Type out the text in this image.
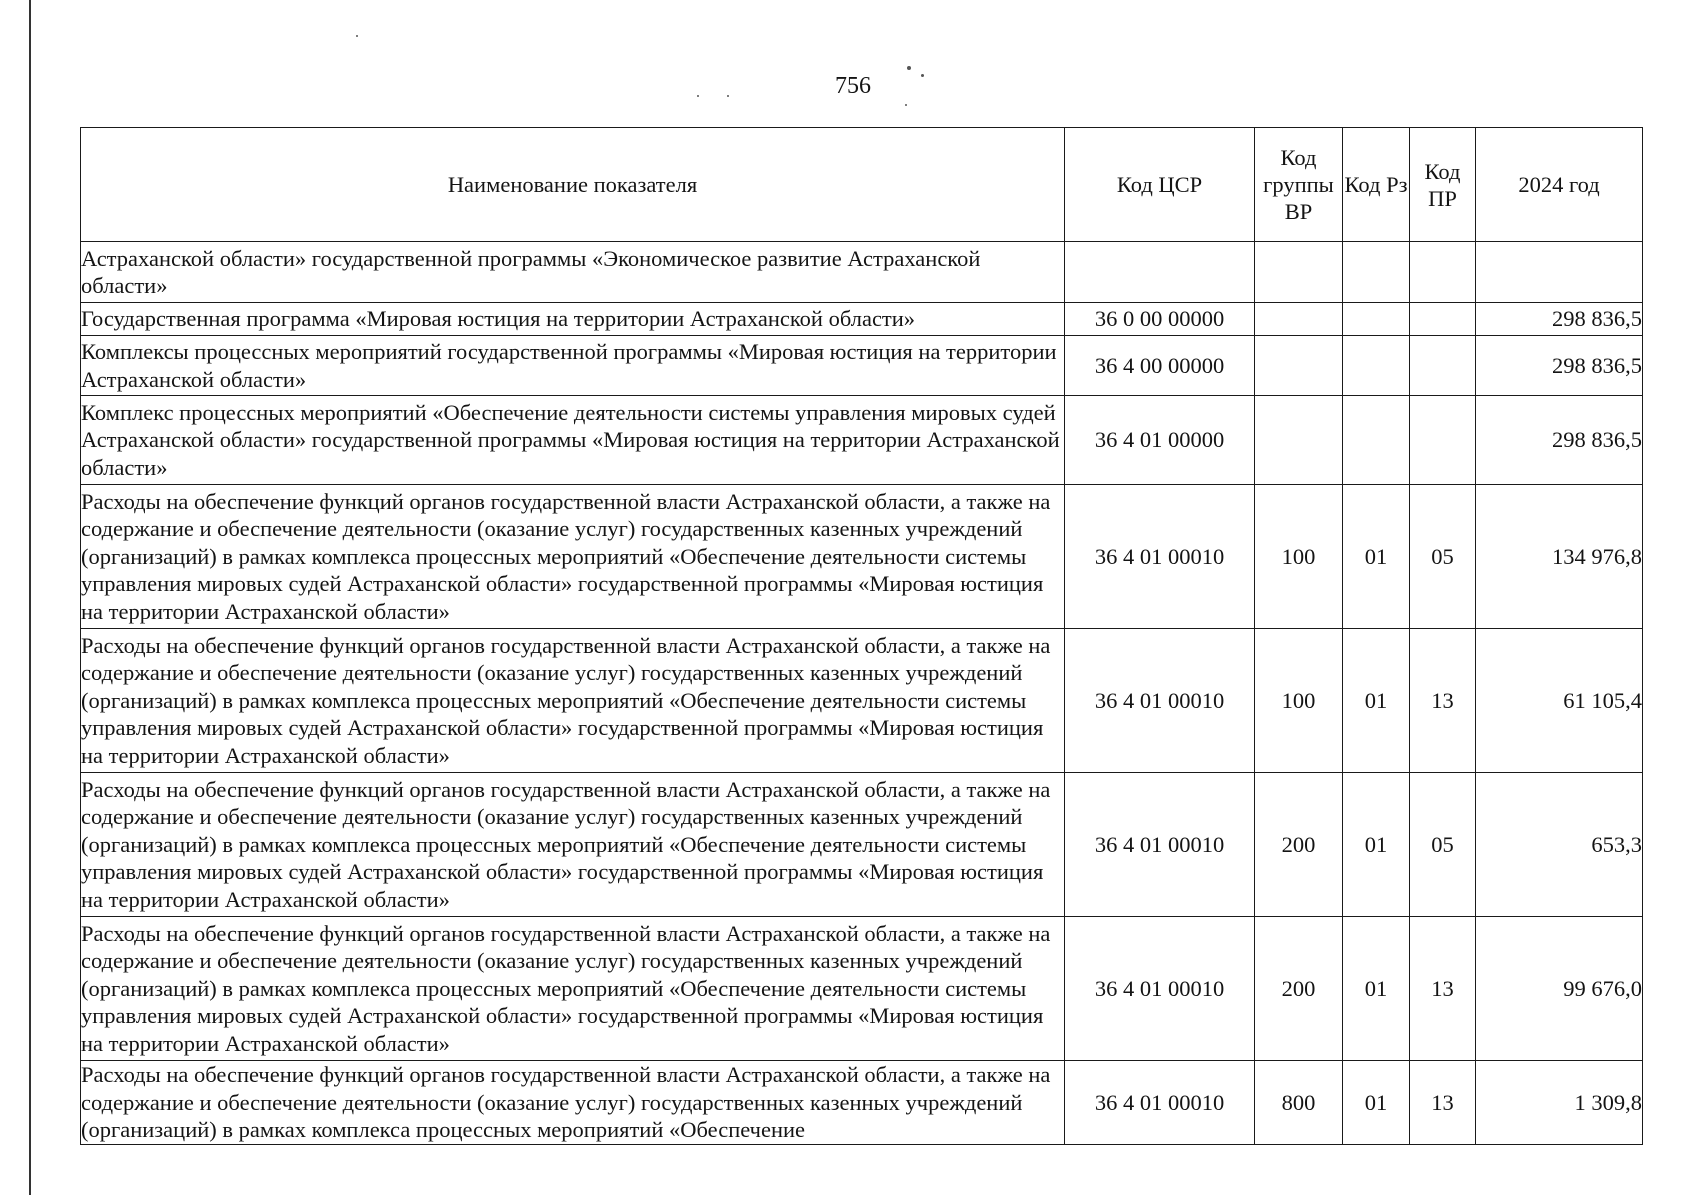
756
Наименование показателя	Код ЦСР	Код группы ВР	Код Рз	Код ПР	2024 год
Астраханской области» государственной программы «Экономическое развитие Астраханской области»					
Государственная программа «Мировая юстиция на территории Астраханской области»	36 0 00 00000				298 836,5
Комплексы процессных мероприятий государственной программы «Мировая юстиция на территории Астраханской области»	36 4 00 00000				298 836,5
Комплекс процессных мероприятий «Обеспечение деятельности системы управления мировых судей Астраханской области» государственной программы «Мировая юстиция на территории Астраханской области»	36 4 01 00000				298 836,5
Расходы на обеспечение функций органов государственной власти Астраханской области, а также на содержание и обеспечение деятельности (оказание услуг) государственных казенных учреждений (организаций) в рамках комплекса процессных мероприятий «Обеспечение деятельности системы управления мировых судей Астраханской области» государственной программы «Мировая юстиция на территории Астраханской области»	36 4 01 00010	100	01	05	134 976,8
Расходы на обеспечение функций органов государственной власти Астраханской области, а также на содержание и обеспечение деятельности (оказание услуг) государственных казенных учреждений (организаций) в рамках комплекса процессных мероприятий «Обеспечение деятельности системы управления мировых судей Астраханской области» государственной программы «Мировая юстиция на территории Астраханской области»	36 4 01 00010	100	01	13	61 105,4
Расходы на обеспечение функций органов государственной власти Астраханской области, а также на содержание и обеспечение деятельности (оказание услуг) государственных казенных учреждений (организаций) в рамках комплекса процессных мероприятий «Обеспечение деятельности системы управления мировых судей Астраханской области» государственной программы «Мировая юстиция на территории Астраханской области»	36 4 01 00010	200	01	05	653,3
Расходы на обеспечение функций органов государственной власти Астраханской области, а также на содержание и обеспечение деятельности (оказание услуг) государственных казенных учреждений (организаций) в рамках комплекса процессных мероприятий «Обеспечение деятельности системы управления мировых судей Астраханской области» государственной программы «Мировая юстиция на территории Астраханской области»	36 4 01 00010	200	01	13	99 676,0
Расходы на обеспечение функций органов государственной власти Астраханской области, а также на содержание и обеспечение деятельности (оказание услуг) государственных казенных учреждений (организаций) в рамках комплекса процессных мероприятий «Обеспечение	36 4 01 00010	800	01	13	1 309,8
